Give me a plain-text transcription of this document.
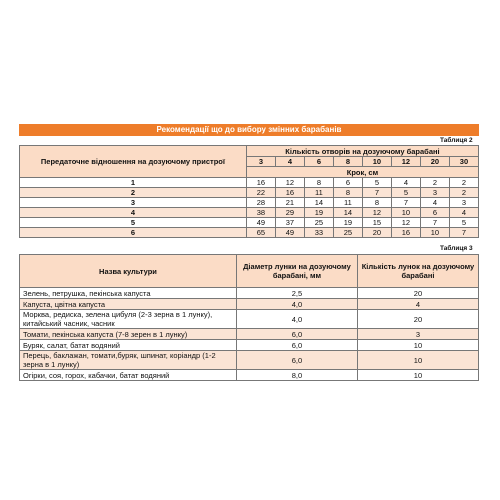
Рекомендації що до вибору змінних барабанів
Таблиця 2
Передаточне відношення на дозуючому пристрої	Кількість отворів на дозуючому барабані							
	3	4	6	8	10	12	20	30
	Крок, см							
1	16	12	8	6	5	4	2	2
2	22	16	11	8	7	5	3	2
3	28	21	14	11	8	7	4	3
4	38	29	19	14	12	10	6	4
5	49	37	25	19	15	12	7	5
6	65	49	33	25	20	16	10	7
Таблиця 3
Назва культури	Діаметр лунки на дозуючому барабані, мм	Кількість лунок на дозуючому барабані
Зелень, петрушка, пекінська капуста	2,5	20
Капуста, цвітна капуста	4,0	4
Морква, редиска, зелена цибуля (2-3 зерна в 1 лунку), китайський часник, часник	4,0	20
Томати, пекінська капуста (7-8 зерен в 1 лунку)	6,0	3
Буряк, салат, батат водяний	6,0	10
Перець, баклажан, томати,буряк, шпинат, коріандр (1-2 зерна в 1 лунку)	6,0	10
Огірки, соя, горох, кабачки, батат водяний	8,0	10
